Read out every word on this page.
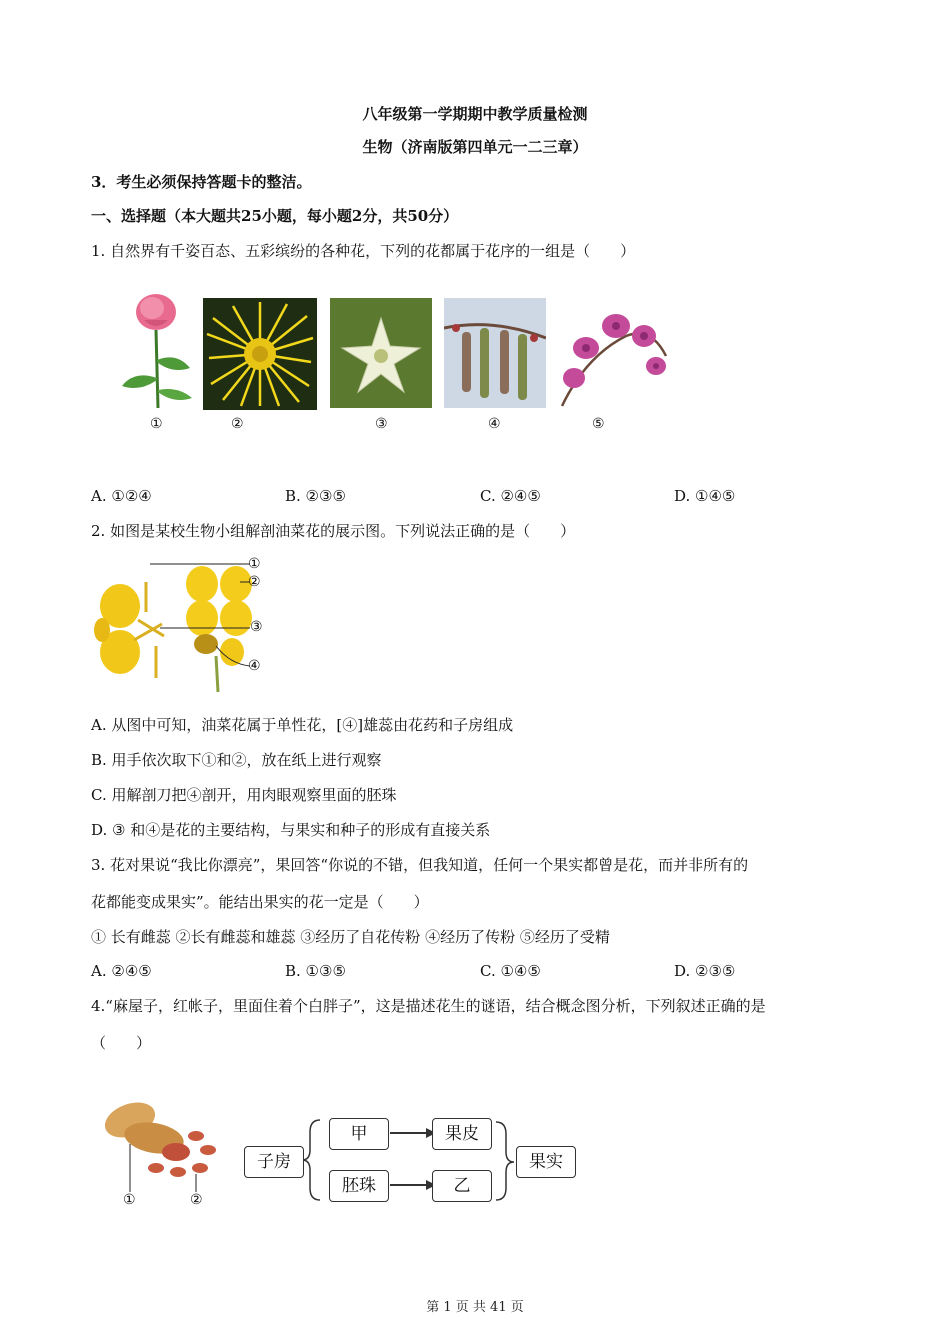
八年级第一学期期中教学质量检测
生物（济南版第四单元一二三章）
3．考生必须保持答题卡的整洁。
一、选择题（本大题共25小题，每小题2分，共50分）
1. 自然界有千姿百态、五彩缤纷的各种花，下列的花都属于花序的一组是（　　）
①	②	③	④	⑤
A. ①②④	B. ②③⑤	C. ②④⑤	D. ①④⑤
2. 如图是某校生物小组解剖油菜花的展示图。下列说法正确的是（　　）
①
②
③
④
A. 从图中可知，油菜花属于单性花，[④]雄蕊由花药和子房组成
B. 用手依次取下①和②，放在纸上进行观察
C. 用解剖刀把④剖开，用肉眼观察里面的胚珠
D. ③ 和④是花的主要结构，与果实和种子的形成有直接关系
3. 花对果说“我比你漂亮”，果回答“你说的不错，但我知道，任何一个果实都曾是花，而并非所有的
花都能变成果实”。能结出果实的花一定是（　　）
① 长有雌蕊 ②长有雌蕊和雄蕊 ③经历了自花传粉 ④经历了传粉 ⑤经历了受精
A. ②④⑤	B. ①③⑤	C. ①④⑤	D. ②③⑤
4.“麻屋子，红帐子，里面住着个白胖子”，这是描述花生的谜语，结合概念图分析，下列叙述正确的是
（　　）
①	②
子房
甲	果皮
胚珠	乙
果实
第 1 页 共 41 页
